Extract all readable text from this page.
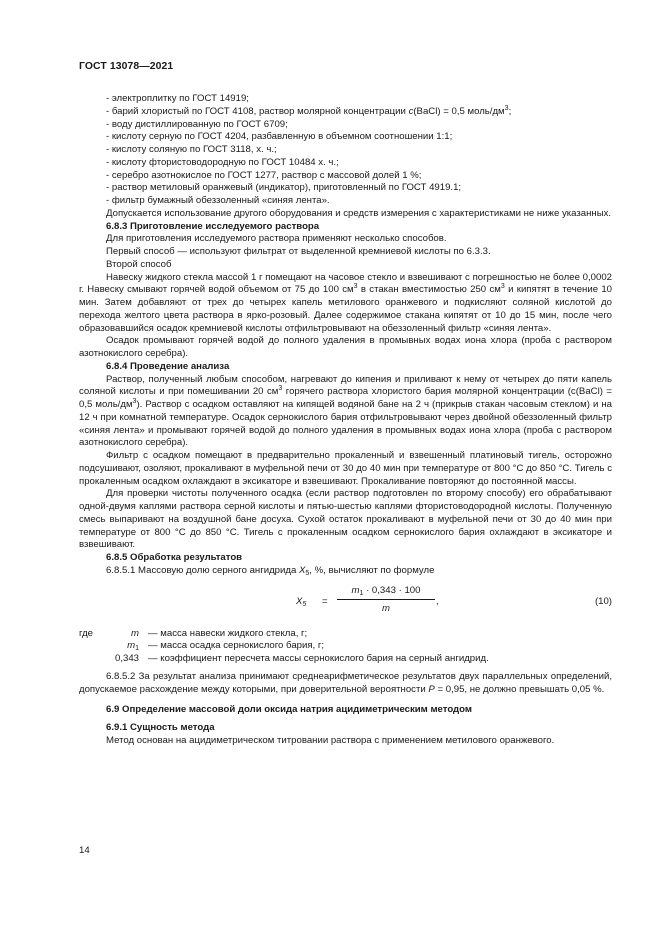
ГОСТ 13078—2021

- электроплитку по ГОСТ 14919;

- барий хлористый по ГОСТ 4108, раствор молярной концентрации c(BaCl) = 0,5 моль/$дм^3$;

- воду дистиллированную по ГОСТ 6709;

- кислоту серную по ГОСТ 4204, разбавленную в объемном соотношении 1:1;

- кислоту соляную по ГОСТ 3118, х. ч.;

- кислоту фтористоводородную по ГОСТ 10484 х. ч.;

- серебро азотнокислое по ГОСТ 1277, раствор с массовой долей 1 %;

- раствор метиловый оранжевый (индикатор), приготовленный по ГОСТ 4919.1;

- фильтр бумажный обеззоленный «синяя лента».

Допускается использование другого оборудования и средств измерения с характеристиками не ниже указанных.

6.8.3 Приготовление исследуемого раствора

Для приготовления исследуемого раствора применяют несколько способов.

Первый способ — используют фильтрат от выделенной кремниевой кислоты по 6.3.3.

Второй способ

Навеску жидкого стекла массой 1 г помещают на часовое стекло и взвешивают с погрешностью не более 0,0002 г. Навеску смывают горячей водой объемом от 75 до 100 $см^3$ в стакан вместимостью 250 $см^3$ и кипятят в течение 10 мин. Затем добавляют от трех до четырех капель метилового оранжевого и подкисляют соляной кислотой до перехода желтого цвета раствора в ярко-розовый. Далее содержимое стакана кипятят от 10 до 15 мин, после чего образовавшийся осадок кремниевой кислоты отфильтровывают на обеззоленный фильтр «синяя лента».

Осадок промывают горячей водой до полного удаления в промывных водах иона хлора (проба с раствором азотнокислого серебра).

6.8.4 Проведение анализа

Раствор, полученный любым способом, нагревают до кипения и приливают к нему от четырех до пяти капель соляной кислоты и при помешивании 20 $см^3$ горячего раствора хлористого бария молярной концентрации (c(BaCl) = 0,5 моль/$дм^3$). Раствор с осадком оставляют на кипящей водяной бане на 2 ч (прикрыв стакан часовым стеклом) и на 12 ч при комнатной температуре. Осадок сернокислого бария отфильтровывают через двойной обеззоленный фильтр «синяя лента» и промывают горячей водой до полного удаления в промывных водах иона хлора (проба с раствором азотнокислого серебра).

Фильтр с осадком помещают в предварительно прокаленный и взвешенный платиновый тигель, осторожно подсушивают, озоляют, прокаливают в муфельной печи от 30 до 40 мин при температуре от 800 °С до 850 °С. Тигель с прокаленным осадком охлаждают в эксикаторе и взвешивают. Прокаливание повторяют до постоянной массы.

Для проверки чистоты полученного осадка (если раствор подготовлен по второму способу) его обрабатывают одной-двумя каплями раствора серной кислоты и пятью-шестью каплями фтористоводородной кислоты. Полученную смесь выпаривают на воздушной бане досуха. Сухой остаток прокаливают в муфельной печи от 30 до 40 мин при температуре от 800 °С до 850 °С. Тигель с прокаленным осадком сернокислого бария охлаждают в эксикаторе и взвешивают.

6.8.5 Обработка результатов

6.8.5.1 Массовую долю серного ангидрида $X_5$, %, вычисляют по формуле

$X_5$ =
$m_1 \cdot 0,343 \cdot 100$
m
,	(10)
где	m — масса навески жидкого стекла, г;
$m_1$ — масса осадка сернокислого бария, г;
0,343 — коэффициент пересчета массы сернокислого бария на серный ангидрид.

6.8.5.2 За результат анализа принимают среднеарифметическое результатов двух параллельных определений, допускаемое расхождение между которыми, при доверительной вероятности P = 0,95, не должно превышать 0,05 %.

6.9 Определение массовой доли оксида натрия ацидиметрическим методом

6.9.1 Сущность метода

Метод основан на ацидиметрическом титровании раствора с применением метилового оранжевого.

14
